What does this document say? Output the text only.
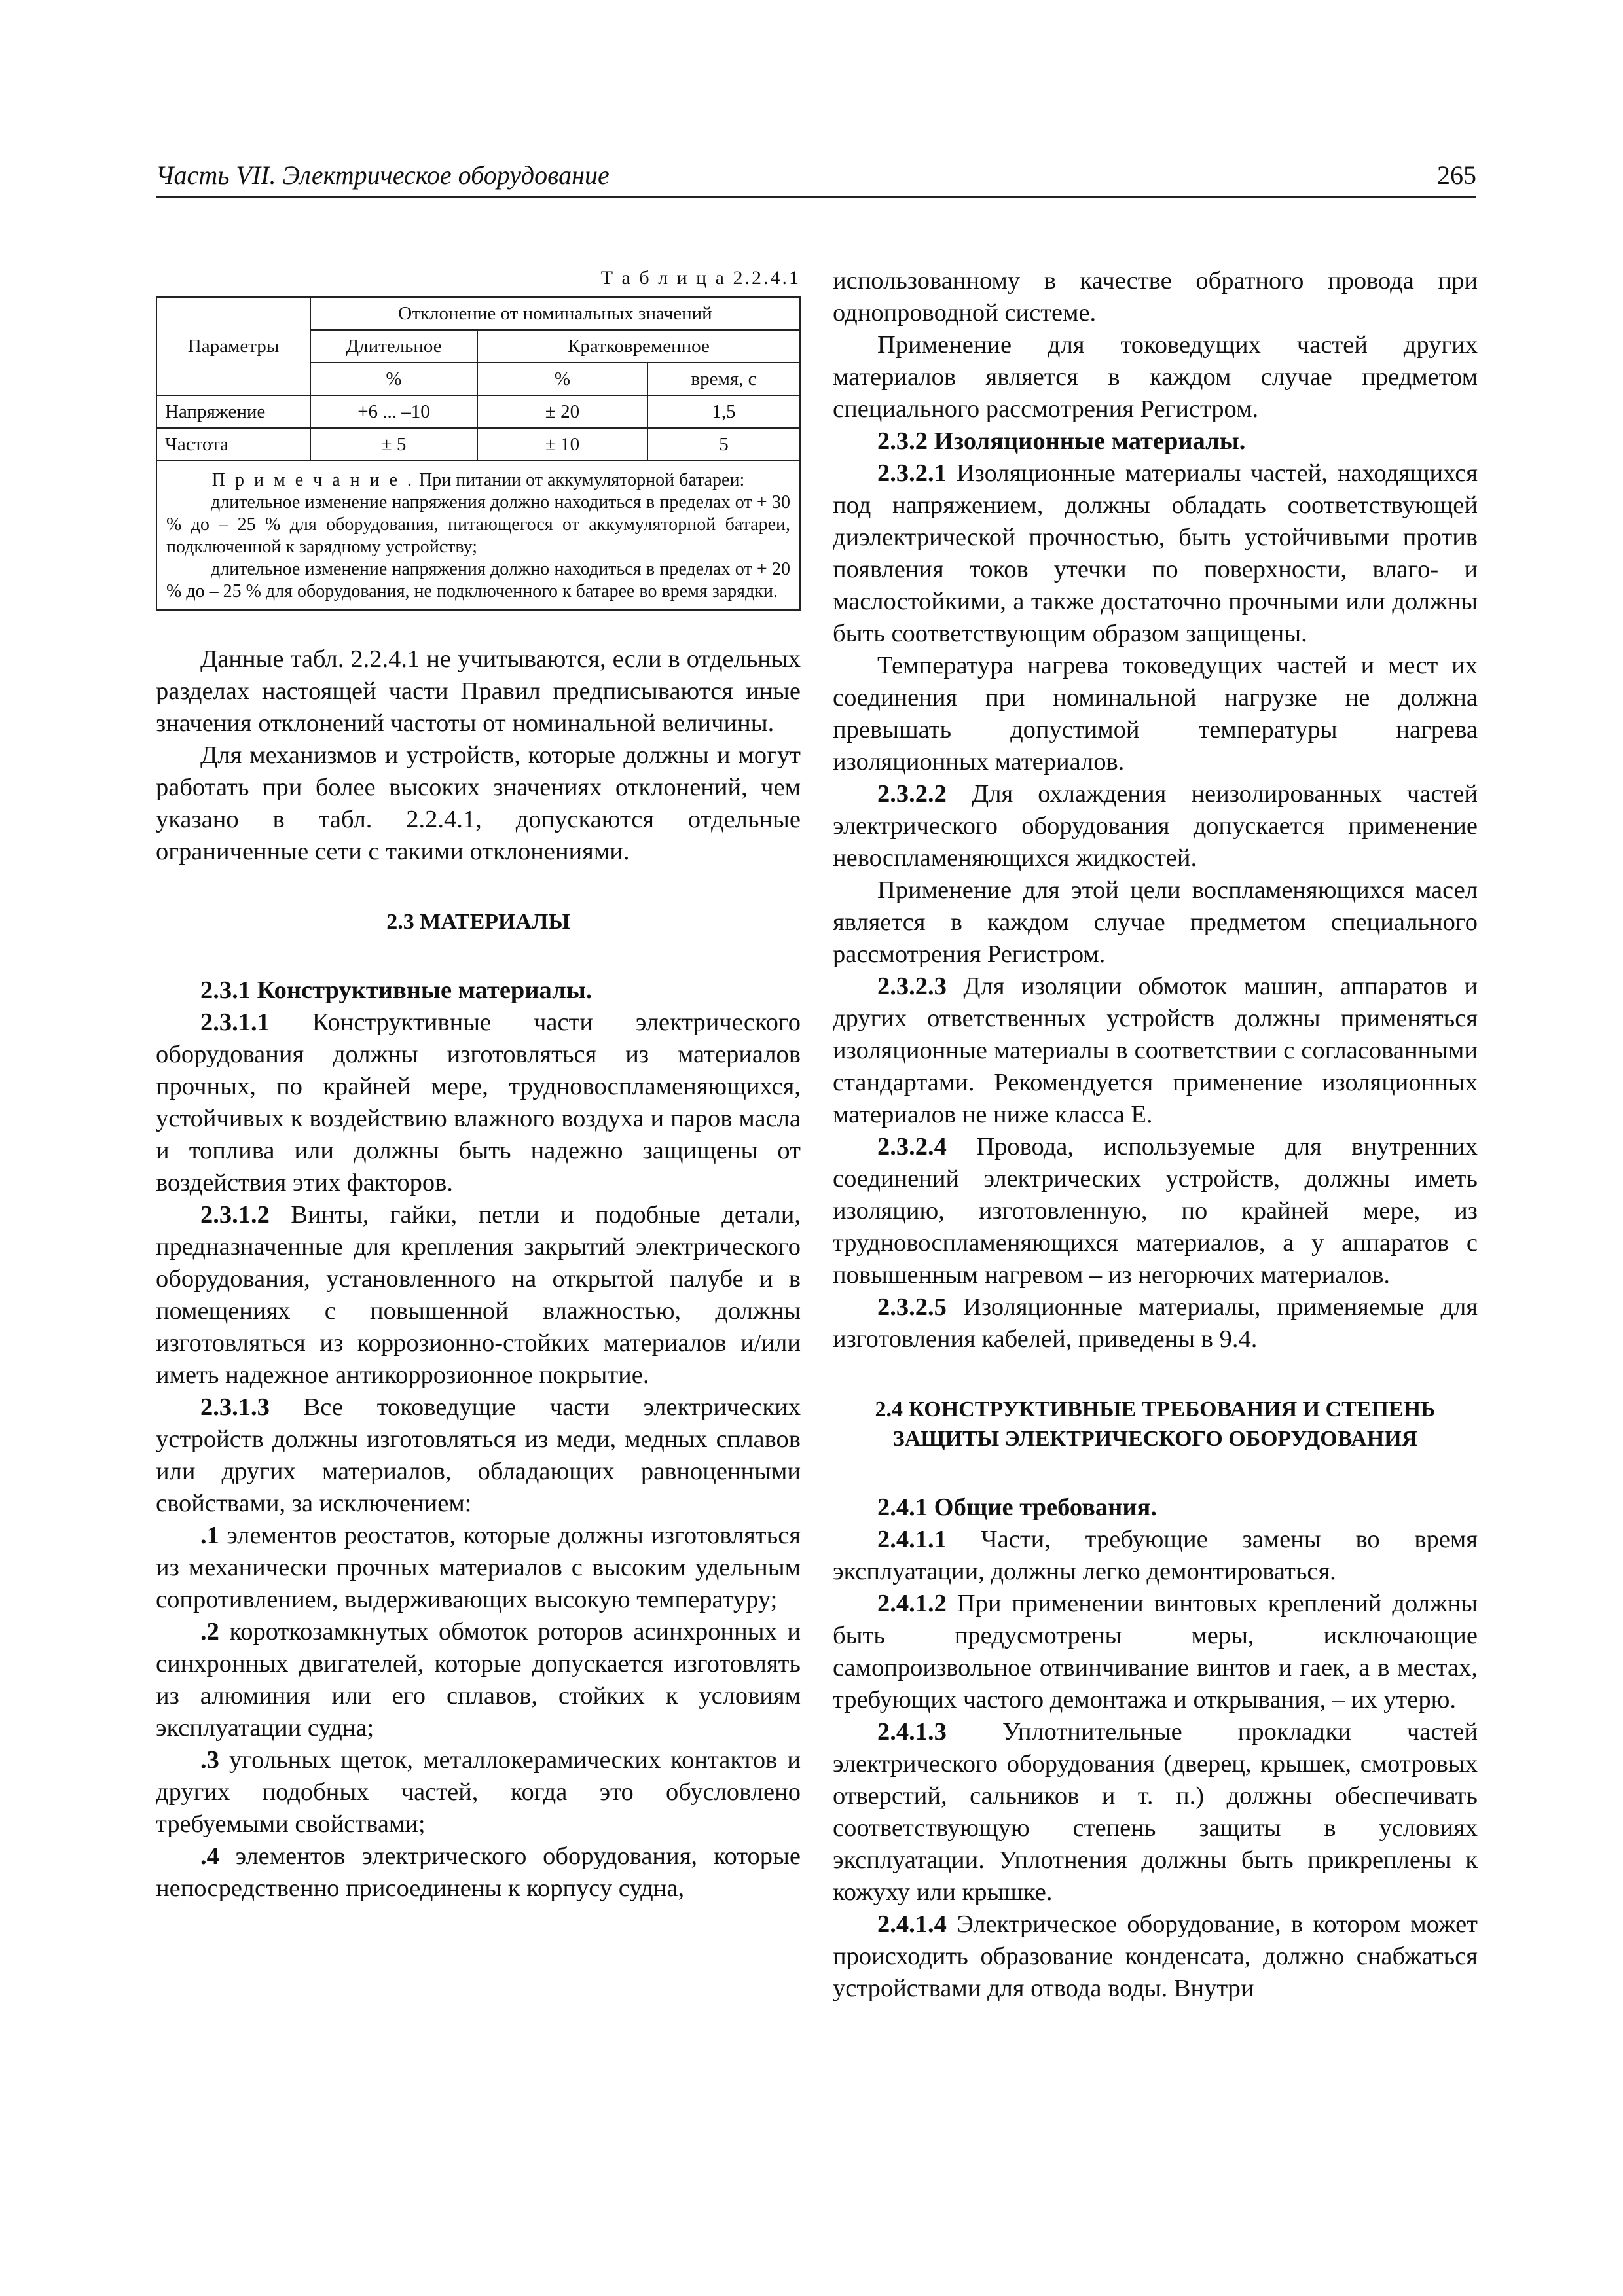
Часть VII. Электрическое оборудование	265
Т а б л и ц а 2.2.4.1
Параметры	Отклонение от номинальных значений		
	Длительное	Кратковременное	
	%	%	время, с
Напряжение	+6 ... –10	± 20	1,5
Частота	± 5	± 10	5

П р и м е ч а н и е . При питании от аккумуляторной батареи:

длительное изменение напряжения должно находиться в пределах от + 30 % до – 25 % для оборудования, питающегося от аккумуляторной батареи, подключенной к зарядному устройству;

длительное изменение напряжения должно находиться в пределах от + 20 % до – 25 % для оборудования, не подключенного к батарее во время зарядки.

Данные табл. 2.2.4.1 не учитываются, если в отдельных разделах настоящей части Правил предписываются иные значения отклонений частоты от номинальной величины.

Для механизмов и устройств, которые должны и могут работать при более высоких значениях отклонений, чем указано в табл. 2.2.4.1, допускаются отдельные ограниченные сети с такими отклонениями.

2.3 МАТЕРИАЛЫ

2.3.1 Конструктивные материалы.

2.3.1.1 Конструктивные части электрического оборудования должны изготовляться из материалов прочных, по крайней мере, трудновоспламеняющихся, устойчивых к воздействию влажного воздуха и паров масла и топлива или должны быть надежно защищены от воздействия этих факторов.

2.3.1.2 Винты, гайки, петли и подобные детали, предназначенные для крепления закрытий электрического оборудования, установленного на открытой палубе и в помещениях с повышенной влажностью, должны изготовляться из коррозионно-стойких материалов и/или иметь надежное антикоррозионное покрытие.

2.3.1.3 Все токоведущие части электрических устройств должны изготовляться из меди, медных сплавов или других материалов, обладающих равноценными свойствами, за исключением:

.1 элементов реостатов, которые должны изготовляться из механически прочных материалов с высоким удельным сопротивлением, выдерживающих высокую температуру;

.2 короткозамкнутых обмоток роторов асинхронных и синхронных двигателей, которые допускается изготовлять из алюминия или его сплавов, стойких к условиям эксплуатации судна;

.3 угольных щеток, металлокерамических контактов и других подобных частей, когда это обусловлено требуемыми свойствами;

.4 элементов электрического оборудования, которые непосредственно присоединены к корпусу судна,

использованному в качестве обратного провода при однопроводной системе.

Применение для токоведущих частей других материалов является в каждом случае предметом специального рассмотрения Регистром.

2.3.2 Изоляционные материалы.

2.3.2.1 Изоляционные материалы частей, находящихся под напряжением, должны обладать соответствующей диэлектрической прочностью, быть устойчивыми против появления токов утечки по поверхности, влаго- и маслостойкими, а также достаточно прочными или должны быть соответствующим образом защищены.

Температура нагрева токоведущих частей и мест их соединения при номинальной нагрузке не должна превышать допустимой температуры нагрева изоляционных материалов.

2.3.2.2 Для охлаждения неизолированных частей электрического оборудования допускается применение невоспламеняющихся жидкостей.

Применение для этой цели воспламеняющихся масел является в каждом случае предметом специального рассмотрения Регистром.

2.3.2.3 Для изоляции обмоток машин, аппаратов и других ответственных устройств должны применяться изоляционные материалы в соответствии с согласованными стандартами. Рекомендуется применение изоляционных материалов не ниже класса Е.

2.3.2.4 Провода, используемые для внутренних соединений электрических устройств, должны иметь изоляцию, изготовленную, по крайней мере, из трудновоспламеняющихся материалов, а у аппаратов с повышенным нагревом – из негорючих материалов.

2.3.2.5 Изоляционные материалы, применяемые для изготовления кабелей, приведены в 9.4.

2.4 КОНСТРУКТИВНЫЕ ТРЕБОВАНИЯ И СТЕПЕНЬ

ЗАЩИТЫ ЭЛЕКТРИЧЕСКОГО ОБОРУДОВАНИЯ

2.4.1 Общие требования.

2.4.1.1 Части, требующие замены во время эксплуатации, должны легко демонтироваться.

2.4.1.2 При применении винтовых креплений должны быть предусмотрены меры, исключающие самопроизвольное отвинчивание винтов и гаек, а в местах, требующих частого демонтажа и открывания, – их утерю.

2.4.1.3 Уплотнительные прокладки частей электрического оборудования (дверец, крышек, смотровых отверстий, сальников и т. п.) должны обеспечивать соответствующую степень защиты в условиях эксплуатации. Уплотнения должны быть прикреплены к кожуху или крышке.

2.4.1.4 Электрическое оборудование, в котором может происходить образование конденсата, должно снабжаться устройствами для отвода воды. Внутри
